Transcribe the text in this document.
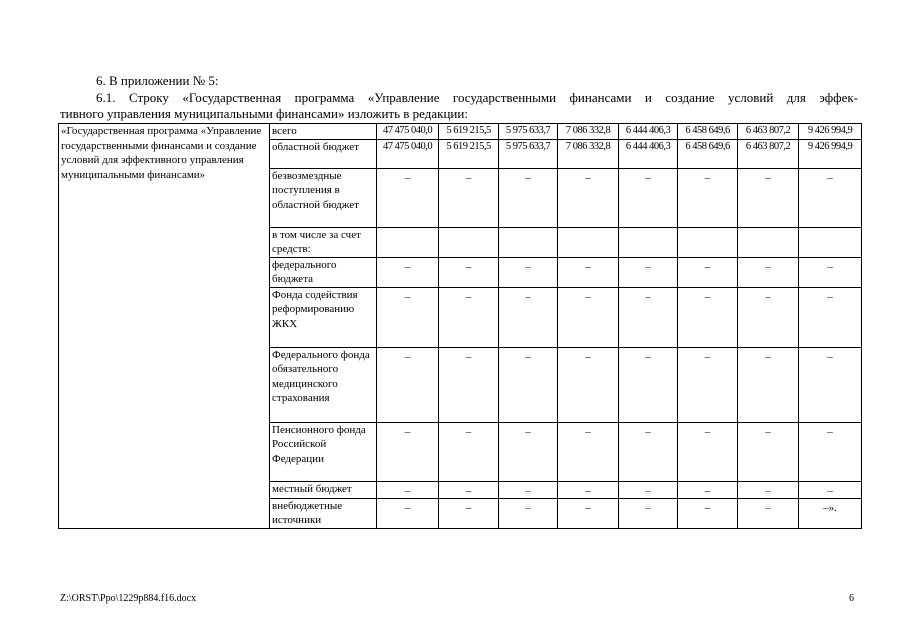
6. В приложении № 5:
6.1. Строку «Государственная программа «Управление государственными финансами и создание условий для эффек-
тивного управления муниципальными финансами» изложить в редакции:
«Государственная программа «Управление государственными финансами и создание условий для эффективного управления муниципальными финансами»	всего	47 475 040,0	5 619 215,5	5 975 633,7	7 086 332,8	6 444 406,3	6 458 649,6	6 463 807,2	9 426 994,9
	областной бюджет	47 475 040,0	5 619 215,5	5 975 633,7	7 086 332,8	6 444 406,3	6 458 649,6	6 463 807,2	9 426 994,9
	безвозмездные поступления в областной бюджет	–	–	–	–	–	–	–	–
	в том числе за счет средств:								
	федерального бюджета	–	–	–	–	–	–	–	–
	Фонда содействия реформированию ЖКХ	–	–	–	–	–	–	–	–
	Федерального фонда обязательного медицинского страхования	–	–	–	–	–	–	–	–
	Пенсионного фонда Российской Федерации	–	–	–	–	–	–	–	–
	местный бюджет	–	–	–	–	–	–	–	–
	внебюджетные источники	–	–	–	–	–	–	–	–».
Z:\ORST\Ppo\1229p884.f16.docx	6
